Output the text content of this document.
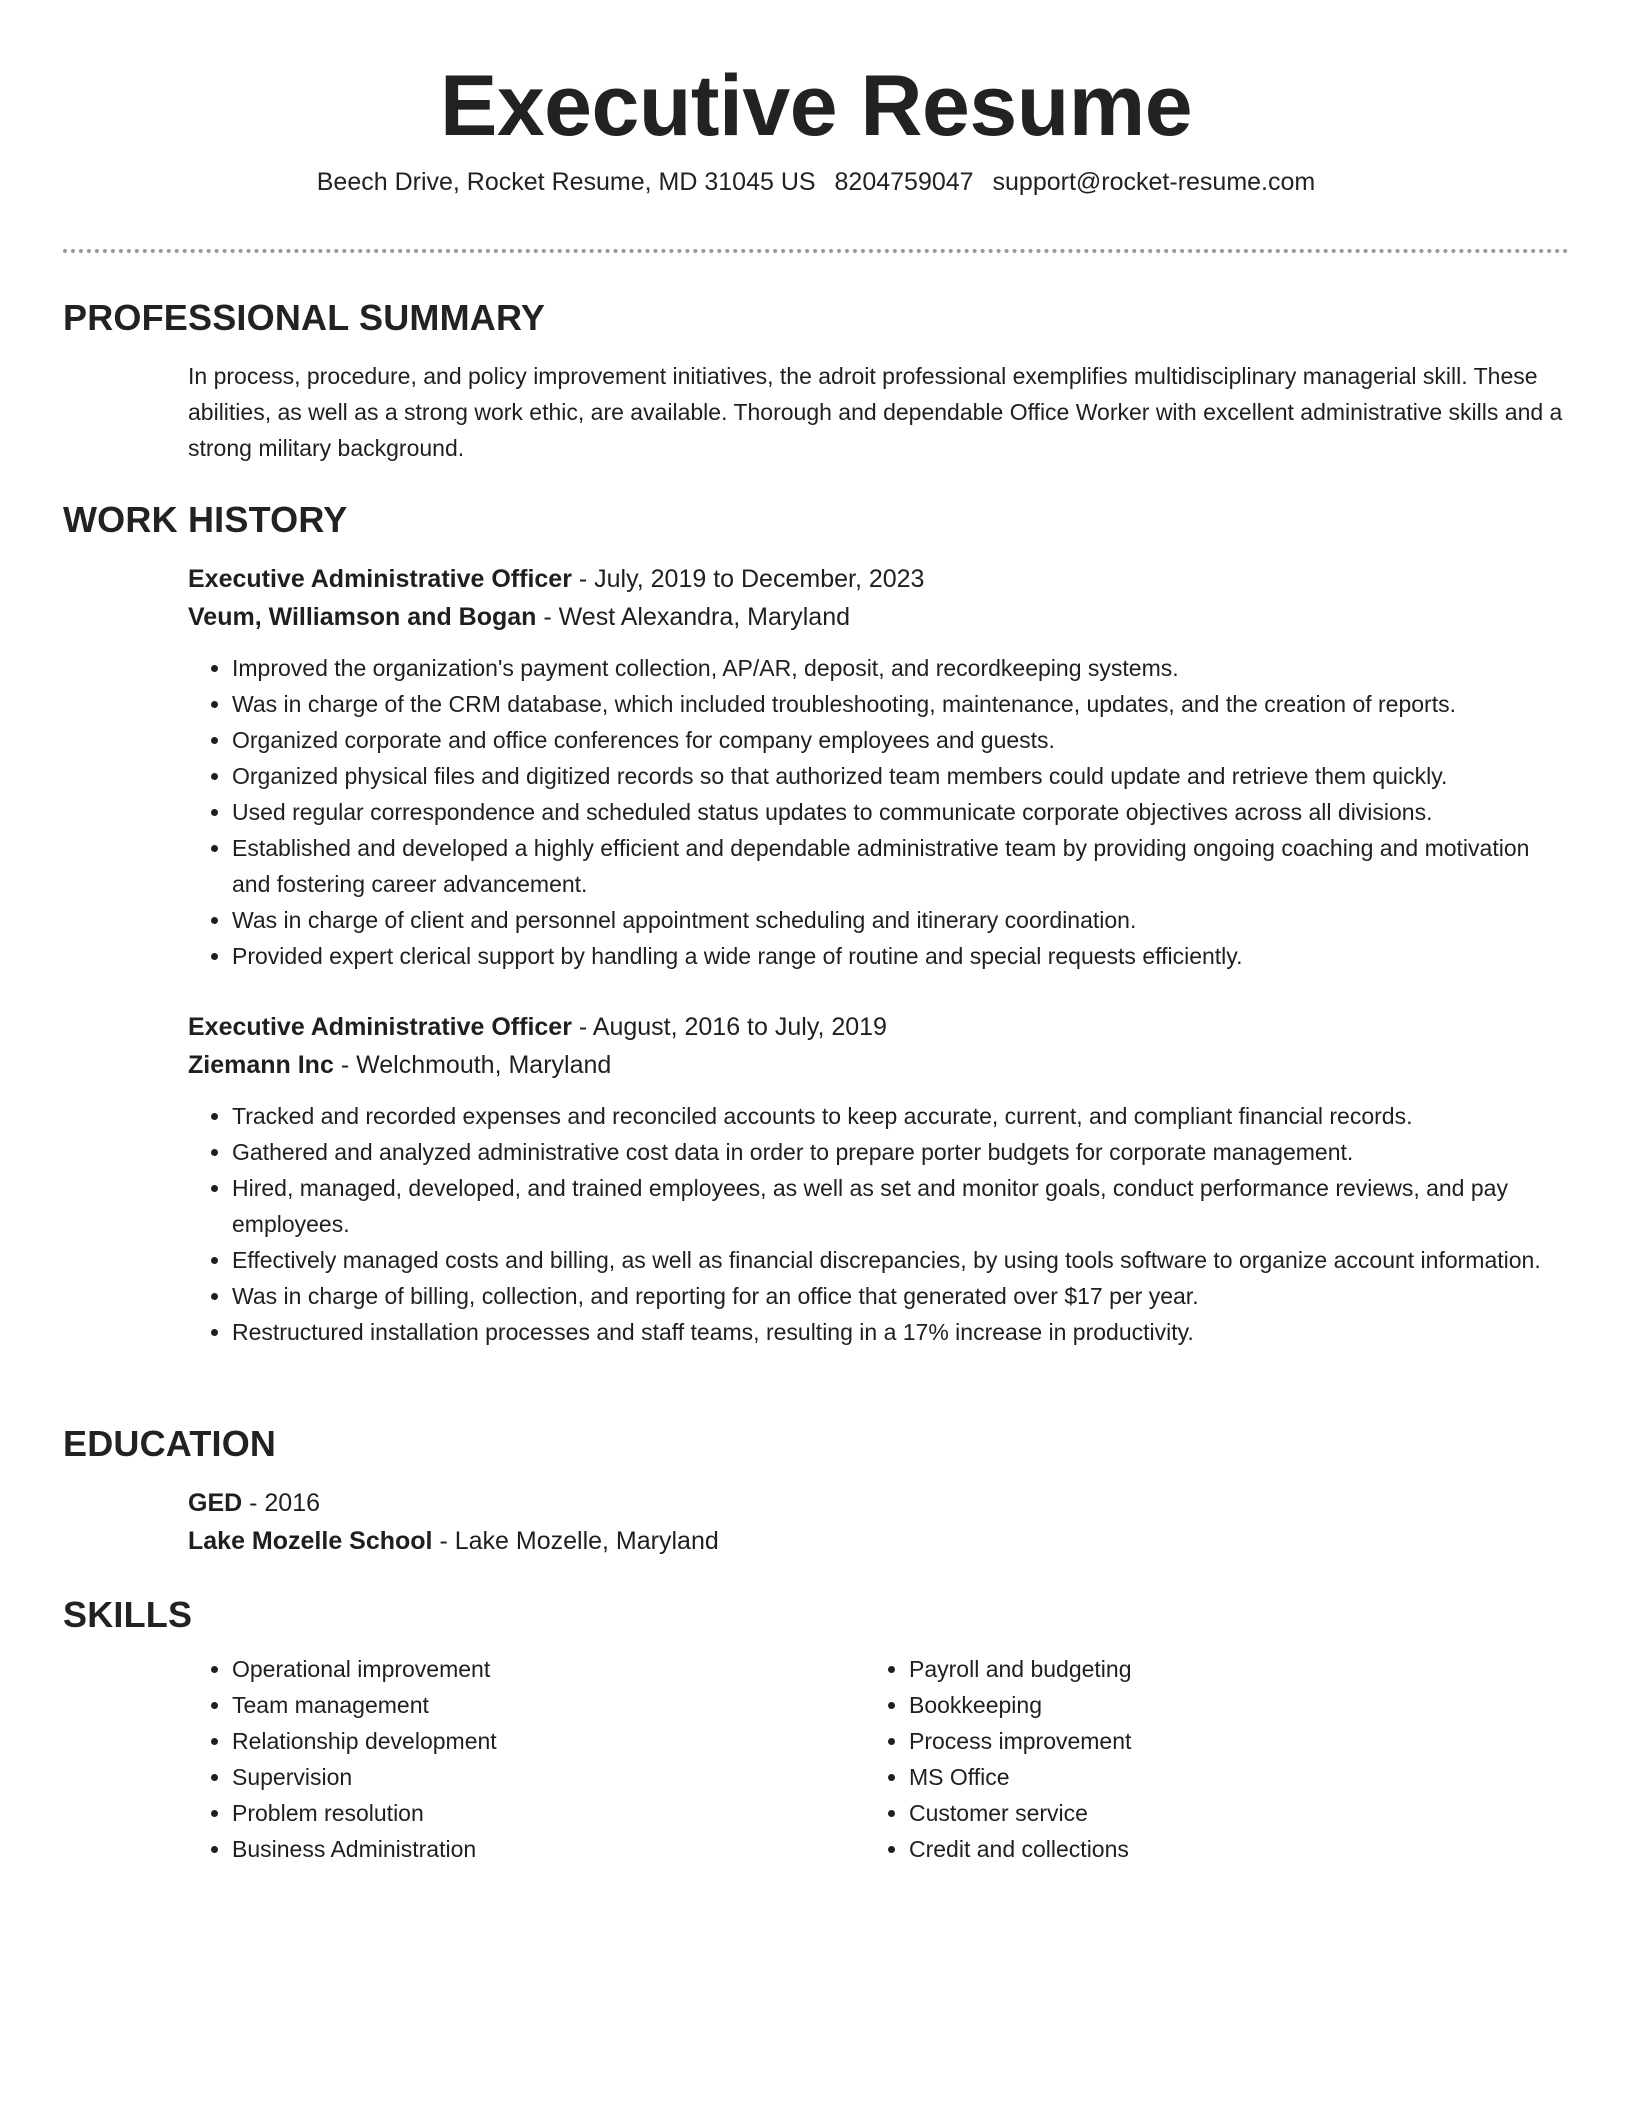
Executive Resume
Beech Drive, Rocket Resume, MD 31045 US 8204759047 support@rocket-resume.com
PROFESSIONAL SUMMARY

In process, procedure, and policy improvement initiatives, the adroit professional exemplifies multidisciplinary managerial skill. These abilities, as well as a strong work ethic, are available. Thorough and dependable Office Worker with excellent administrative skills and a strong military background.

WORK HISTORY
Executive Administrative Officer - July, 2019 to December, 2023
Veum, Williamson and Bogan - West Alexandra, Maryland
• Improved the organization's payment collection, AP/AR, deposit, and recordkeeping systems.
• Was in charge of the CRM database, which included troubleshooting, maintenance, updates, and the creation of reports.
• Organized corporate and office conferences for company employees and guests.
• Organized physical files and digitized records so that authorized team members could update and retrieve them quickly.
• Used regular correspondence and scheduled status updates to communicate corporate objectives across all divisions.
• Established and developed a highly efficient and dependable administrative team by providing ongoing coaching and motivation and fostering career advancement.
• Was in charge of client and personnel appointment scheduling and itinerary coordination.
• Provided expert clerical support by handling a wide range of routine and special requests efficiently.
Executive Administrative Officer - August, 2016 to July, 2019
Ziemann Inc - Welchmouth, Maryland
• Tracked and recorded expenses and reconciled accounts to keep accurate, current, and compliant financial records.
• Gathered and analyzed administrative cost data in order to prepare porter budgets for corporate management.
• Hired, managed, developed, and trained employees, as well as set and monitor goals, conduct performance reviews, and pay employees.
• Effectively managed costs and billing, as well as financial discrepancies, by using tools software to organize account information.
• Was in charge of billing, collection, and reporting for an office that generated over $17 per year.
• Restructured installation processes and staff teams, resulting in a 17% increase in productivity.
EDUCATION
GED - 2016
Lake Mozelle School - Lake Mozelle, Maryland
SKILLS
• Operational improvement
• Team management
• Relationship development
• Supervision
• Problem resolution
• Business Administration
• Payroll and budgeting
• Bookkeeping
• Process improvement
• MS Office
• Customer service
• Credit and collections
